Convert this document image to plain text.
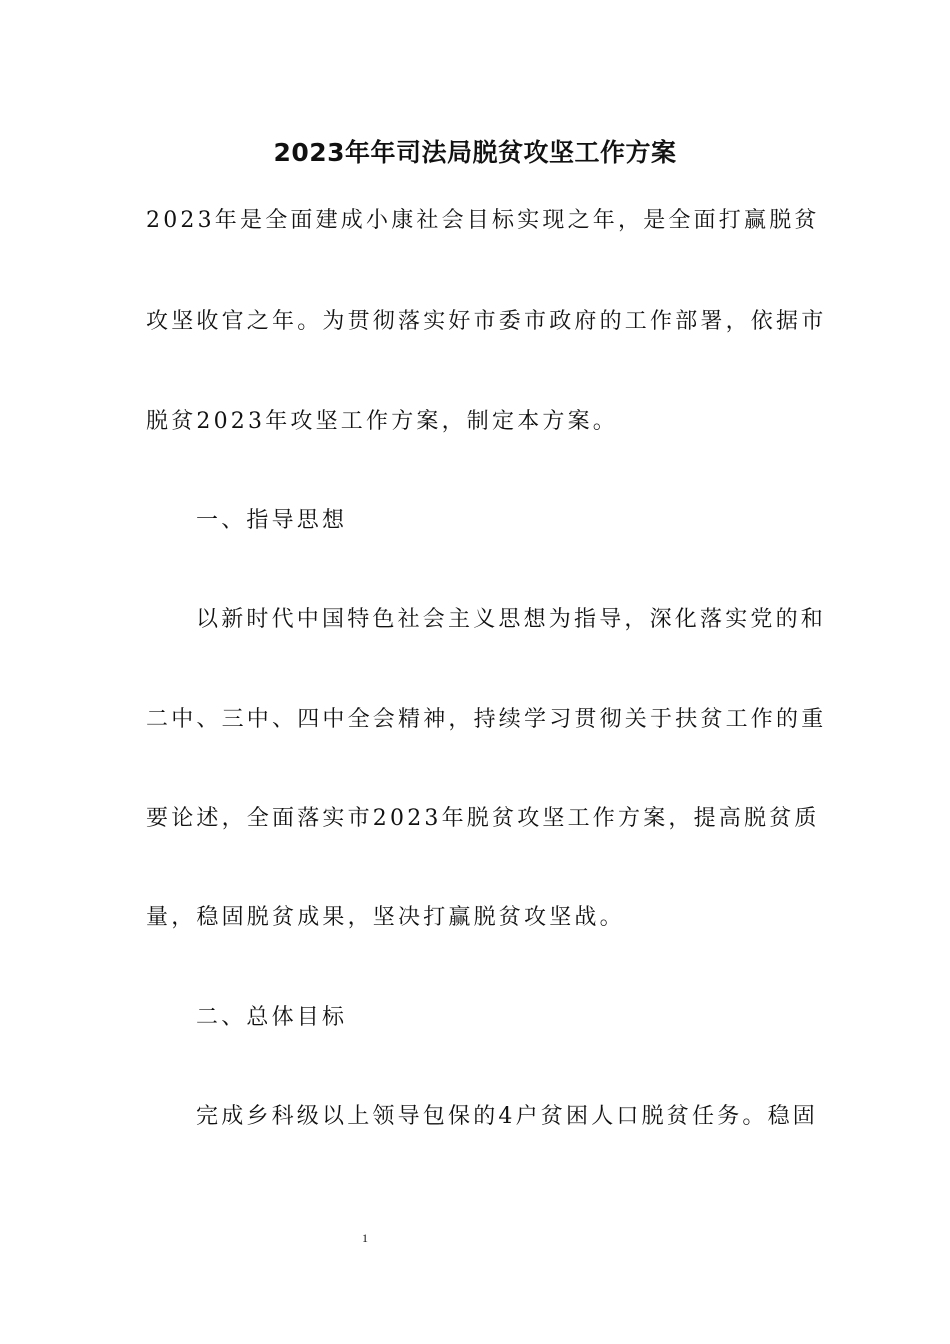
2023年年司法局脱贫攻坚工作方案
2023年是全面建成小康社会目标实现之年，是全面打赢脱贫
攻坚收官之年。为贯彻落实好市委市政府的工作部署，依据市
脱贫2023年攻坚工作方案，制定本方案。
一、指导思想
以新时代中国特色社会主义思想为指导，深化落实党的和
二中、三中、四中全会精神，持续学习贯彻关于扶贫工作的重
要论述，全面落实市2023年脱贫攻坚工作方案，提高脱贫质
量，稳固脱贫成果，坚决打赢脱贫攻坚战。
二、总体目标
完成乡科级以上领导包保的4户贫困人口脱贫任务。稳固
1
